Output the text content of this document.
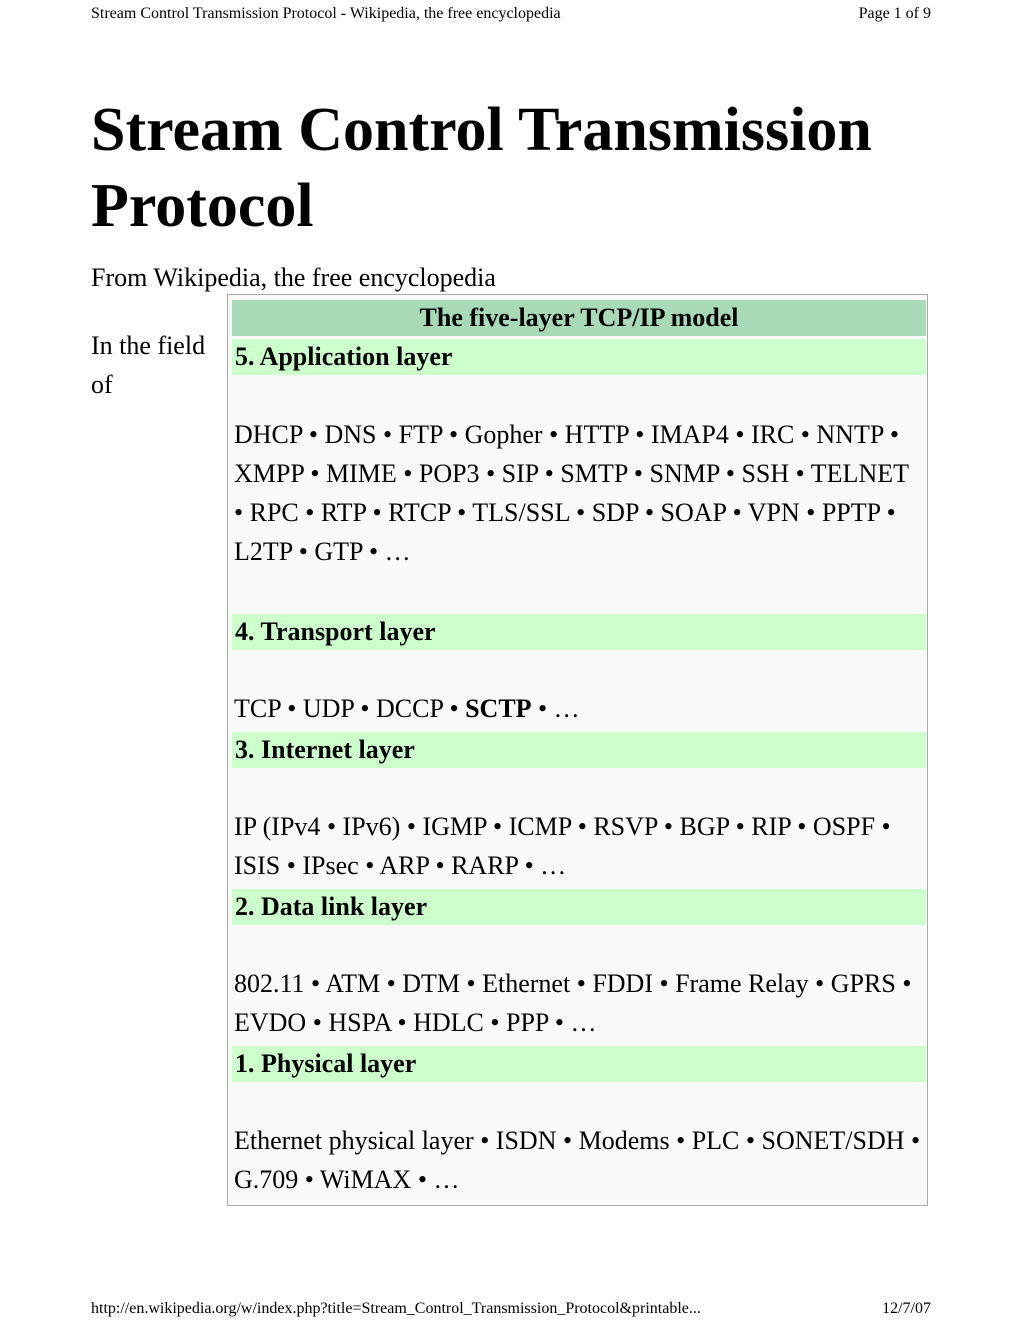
Stream Control Transmission Protocol - Wikipedia, the free encyclopedia	Page 1 of 9
Stream Control Transmission Protocol
From Wikipedia, the free encyclopedia
In the field of
The five-layer TCP/IP model
5. Application layer
DHCP • DNS • FTP • Gopher • HTTP • IMAP4 • IRC • NNTP • XMPP • MIME • POP3 • SIP • SMTP • SNMP • SSH • TELNET • RPC • RTP • RTCP • TLS/SSL • SDP • SOAP • VPN • PPTP • L2TP • GTP • …
4. Transport layer
TCP • UDP • DCCP • SCTP • …
3. Internet layer
IP (IPv4 • IPv6) • IGMP • ICMP • RSVP • BGP • RIP • OSPF • ISIS • IPsec • ARP • RARP • …
2. Data link layer
802.11 • ATM • DTM • Ethernet • FDDI • Frame Relay • GPRS • EVDO • HSPA • HDLC • PPP • …
1. Physical layer
Ethernet physical layer • ISDN • Modems • PLC • SONET/SDH • G.709 • WiMAX • …
http://en.wikipedia.org/w/index.php?title=Stream_Control_Transmission_Protocol&printable...	12/7/07
